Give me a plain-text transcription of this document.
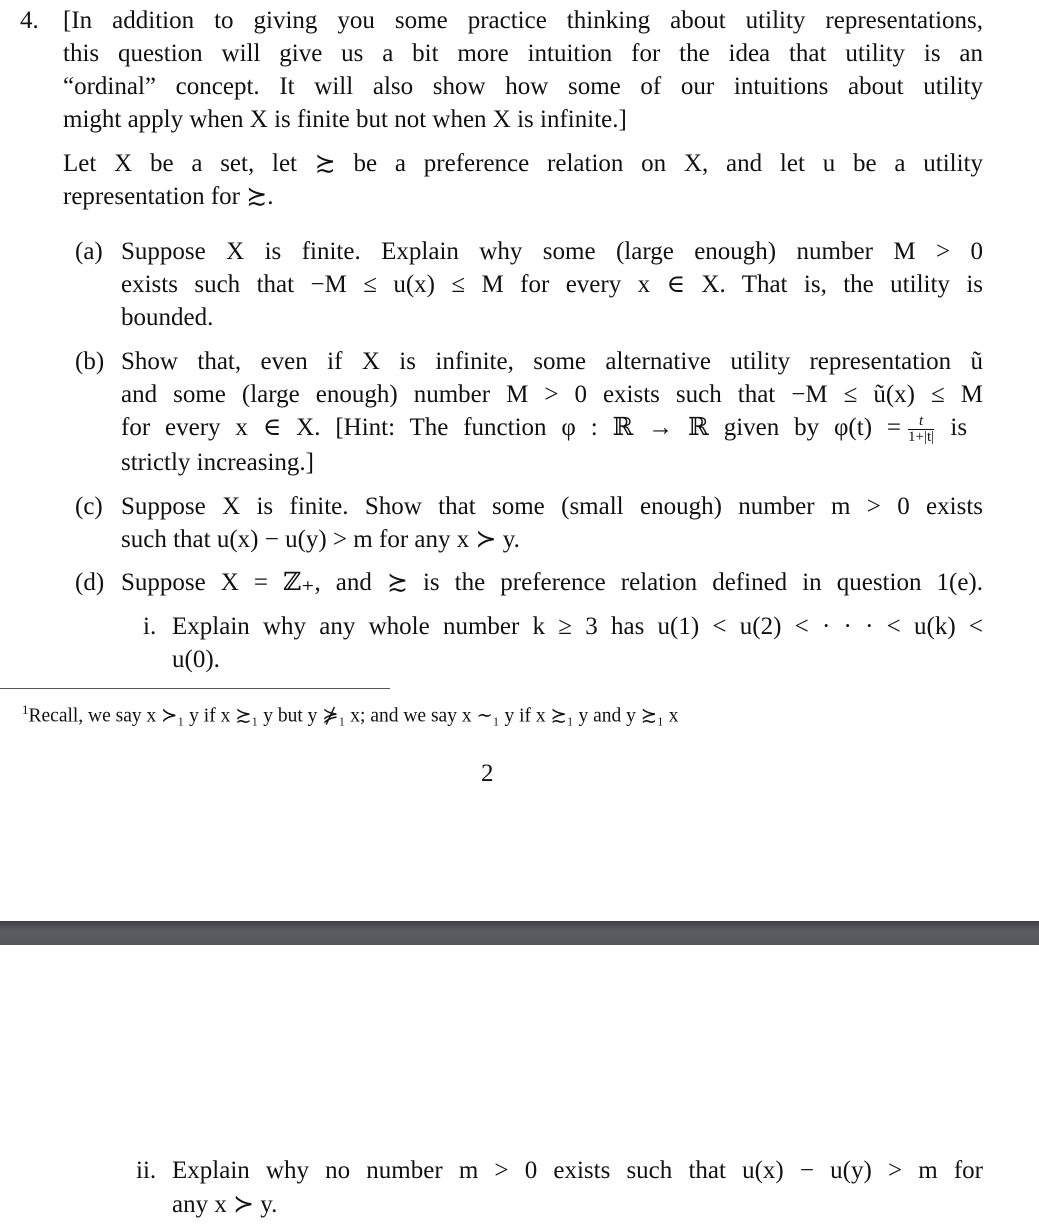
4. [In addition to giving you some practice thinking about utility representations,
this question will give us a bit more intuition for the idea that utility is an
“ordinal” concept. It will also show how some of our intuitions about utility
might apply when X is finite but not when X is infinite.]
Let X be a set, let ≿ be a preference relation on X, and let u be a utility
representation for ≿.
(a) Suppose X is finite. Explain why some (large enough) number M > 0
exists such that −M ≤ u(x) ≤ M for every x ∈ X. That is, the utility is
bounded.
(b) Show that, even if X is infinite, some alternative utility representation ũ
and some (large enough) number M > 0 exists such that −M ≤ ũ(x) ≤ M
for every x ∈ X. [Hint: The function φ : ℝ → ℝ given by $\varphi(t) = \frac{t}{1+|t|}$ is
strictly increasing.]
(c) Suppose X is finite. Show that some (small enough) number m > 0 exists
such that u(x) − u(y) > m for any x ≻ y.
(d) Suppose X = ℤ₊, and ≿ is the preference relation defined in question 1(e).
i. Explain why any whole number k ≥ 3 has u(1) < u(2) < · · · < u(k) <
u(0).
$^1$Recall, we say x ≻₁ y if x ≿₁ y but y ⋡₁ x; and we say x ∼₁ y if x ≿₁ y and y ≿₁ x
2
ii. Explain why no number m > 0 exists such that u(x) − u(y) > m for
any x ≻ y.
